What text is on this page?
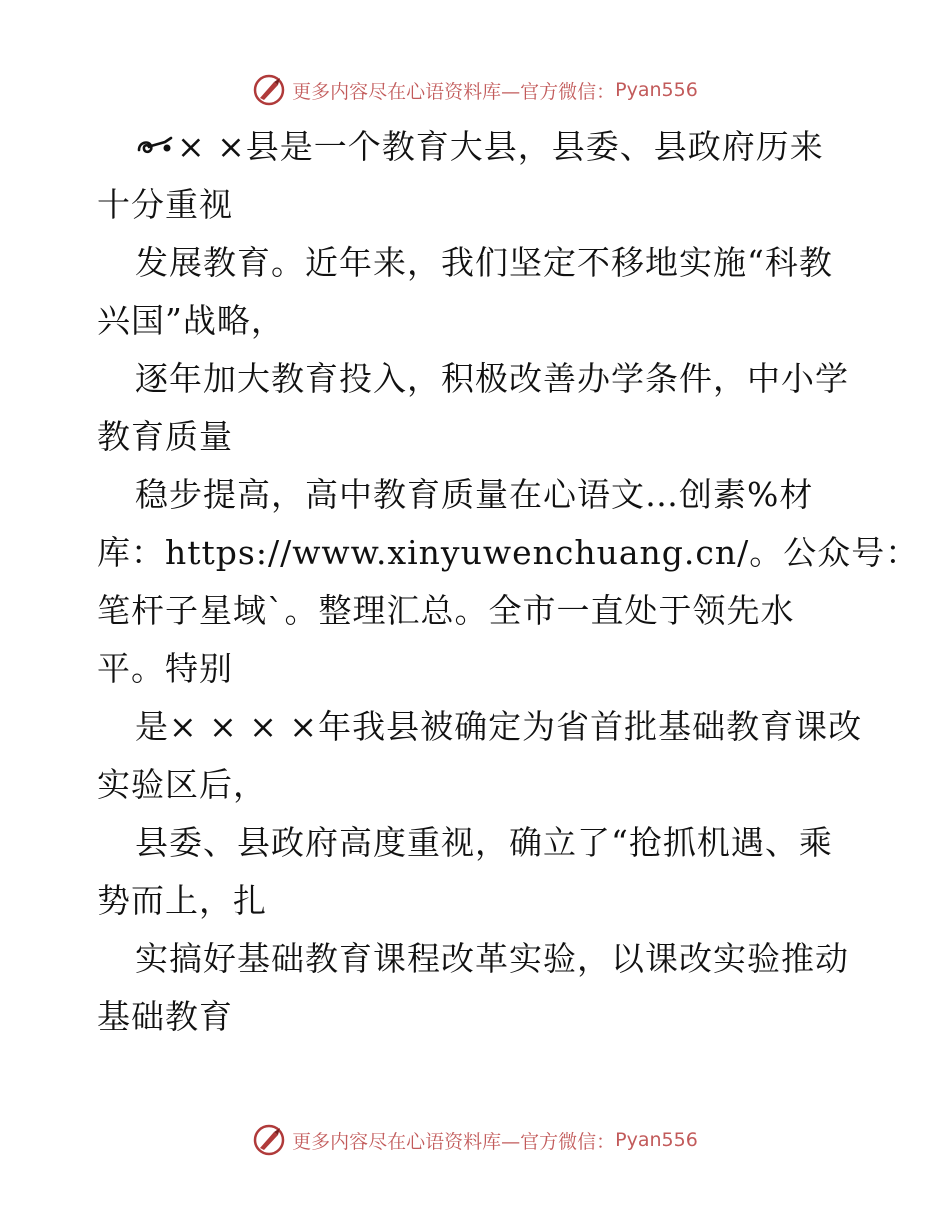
更多内容尽在心语资料库—官方微信： Pyan556
× ×县是一个教育大县，县委、县政府历来
十分重视
发展教育。近年来，我们坚定不移地实施“科教
兴国”战略，
逐年加大教育投入，积极改善办学条件，中小学
教育质量
稳步提高，高中教育质量在心语文…创素%材
库：https://www.xinyuwenchuang.cn/。公众号：
笔杆子星域`。整理汇总。全市一直处于领先水
平。特别
是× × × ×年我县被确定为省首批基础教育课改
实验区后，
县委、县政府高度重视，确立了“抢抓机遇、乘
势而上，扎
实搞好基础教育课程改革实验，以课改实验推动
基础教育
更多内容尽在心语资料库—官方微信： Pyan556
